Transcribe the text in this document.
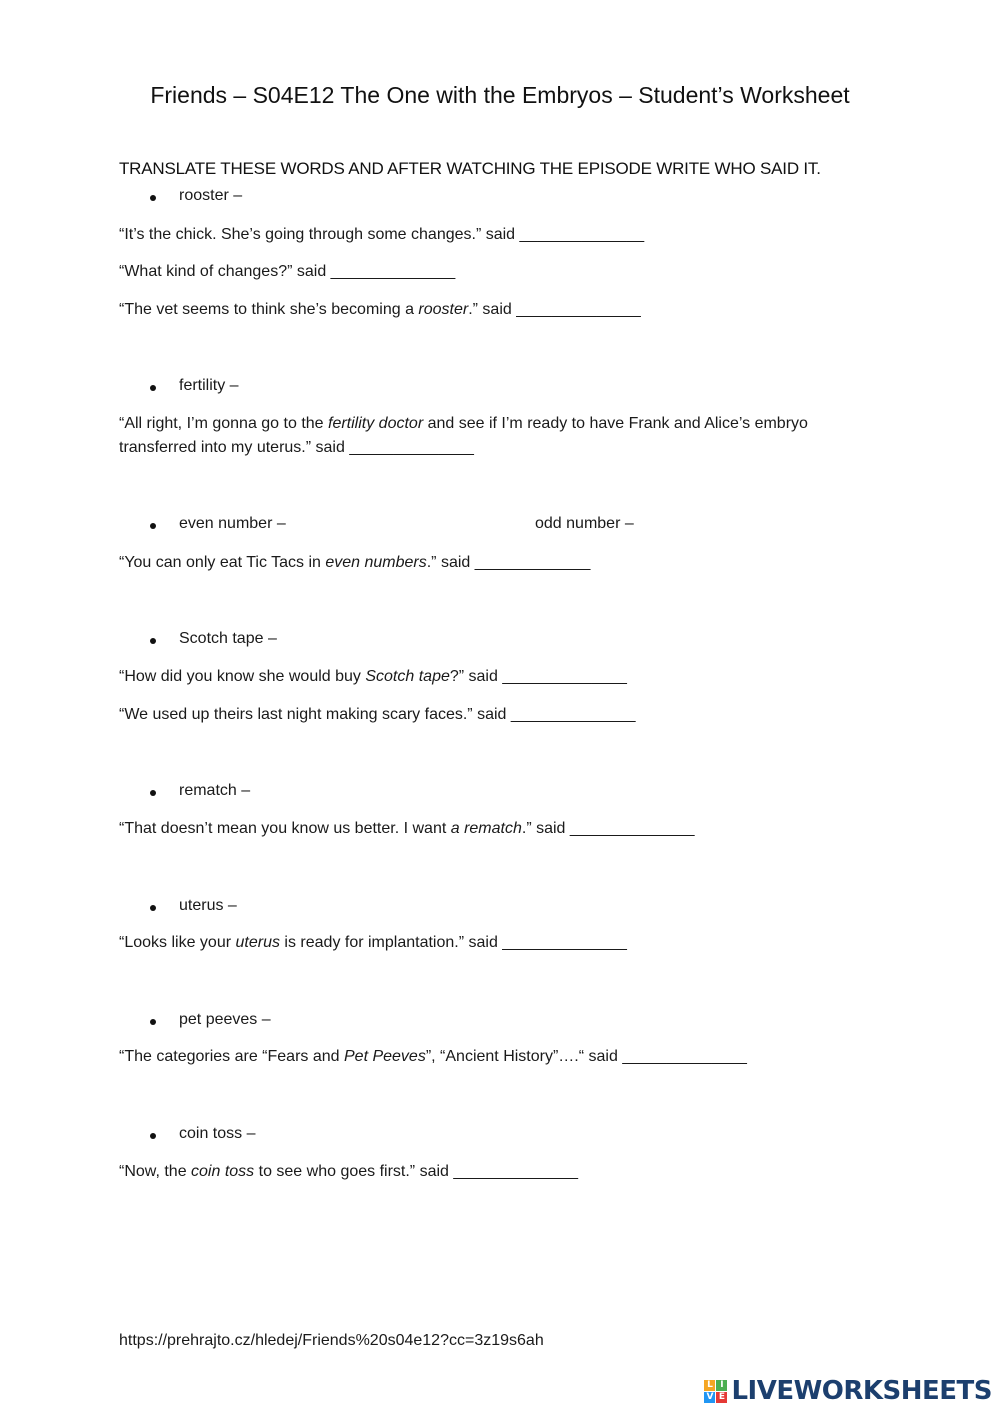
Friends – S04E12 The One with the Embryos – Student’s Worksheet
TRANSLATE THESE WORDS AND AFTER WATCHING THE EPISODE WRITE WHO SAID IT.
rooster –
“It’s the chick. She’s going through some changes.” said ______________
“What kind of changes?” said ______________
“The vet seems to think she’s becoming a rooster.” said ______________
fertility –
“All right, I’m gonna go to the fertility doctor and see if I’m ready to have Frank and Alice’s embryo transferred into my uterus.” said ______________
even number –	odd number –
“You can only eat Tic Tacs in even numbers.” said _____________
Scotch tape –
“How did you know she would buy Scotch tape?” said ______________
“We used up theirs last night making scary faces.” said ______________
rematch –
“That doesn’t mean you know us better. I want a rematch.” said ______________
uterus –
“Looks like your uterus is ready for implantation.” said ______________
pet peeves –
“The categories are “Fears and Pet Peeves”, “Ancient History”….“ said ______________
coin toss –
“Now, the coin toss to see who goes first.” said ______________
https://prehrajto.cz/hledej/Friends%20s04e12?cc=3z19s6ah
L I
V E LIVEWORKSHEETS
